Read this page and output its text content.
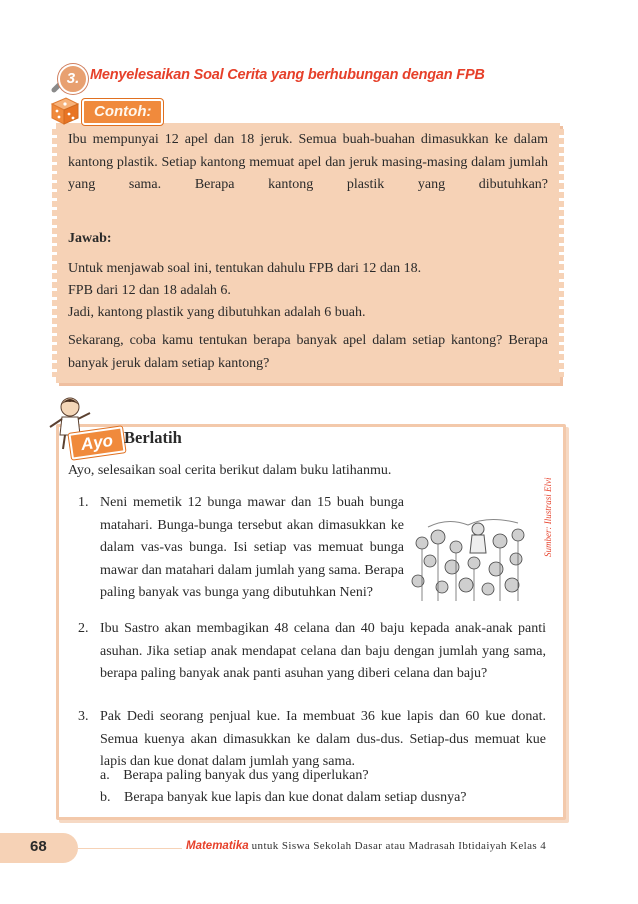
3. Menyelesaikan Soal Cerita yang berhubungan dengan FPB

Ibu mempunyai 12 apel dan 18 jeruk. Semua buah-buahan dimasukkan ke dalam kantong plastik. Setiap kantong memuat apel dan jeruk masing-masing dalam jumlah yang sama. Berapa kantong plastik yang dibutuhkan?

Jawab:

Untuk menjawab soal ini, tentukan dahulu FPB dari 12 dan 18.

FPB dari 12 dan 18 adalah 6.

Jadi, kantong plastik yang dibutuhkan adalah 6 buah.

Sekarang, coba kamu tentukan berapa banyak apel dalam setiap kantong? Berapa banyak jeruk dalam setiap kantong?

Contoh:
Ayo Berlatih
Ayo, selesaikan soal cerita berikut dalam buku latihanmu.
1. Neni memetik 12 bunga mawar dan 15 buah bunga matahari. Bunga-bunga tersebut akan dimasukkan ke dalam vas-vas bunga. Isi setiap vas memuat bunga mawar dan matahari dalam jumlah yang sama. Berapa paling banyak vas bunga yang dibutuhkan Neni?

Sumber: Ilustrasi Elvi
2. Ibu Sastro akan membagikan 48 celana dan 40 baju kepada anak-anak panti asuhan. Jika setiap anak mendapat celana dan baju dengan jumlah yang sama, berapa paling banyak anak panti asuhan yang diberi celana dan baju?

3. Pak Dedi seorang penjual kue. Ia membuat 36 kue lapis dan 60 kue donat. Semua kuenya akan dimasukkan ke dalam dus-dus. Setiap-dus memuat kue lapis dan kue donat dalam jumlah yang sama.

a. Berapa paling banyak dus yang diperlukan?
b. Berapa banyak kue lapis dan kue donat dalam setiap dusnya?
68	Matematika untuk Siswa Sekolah Dasar atau Madrasah Ibtidaiyah Kelas 4
